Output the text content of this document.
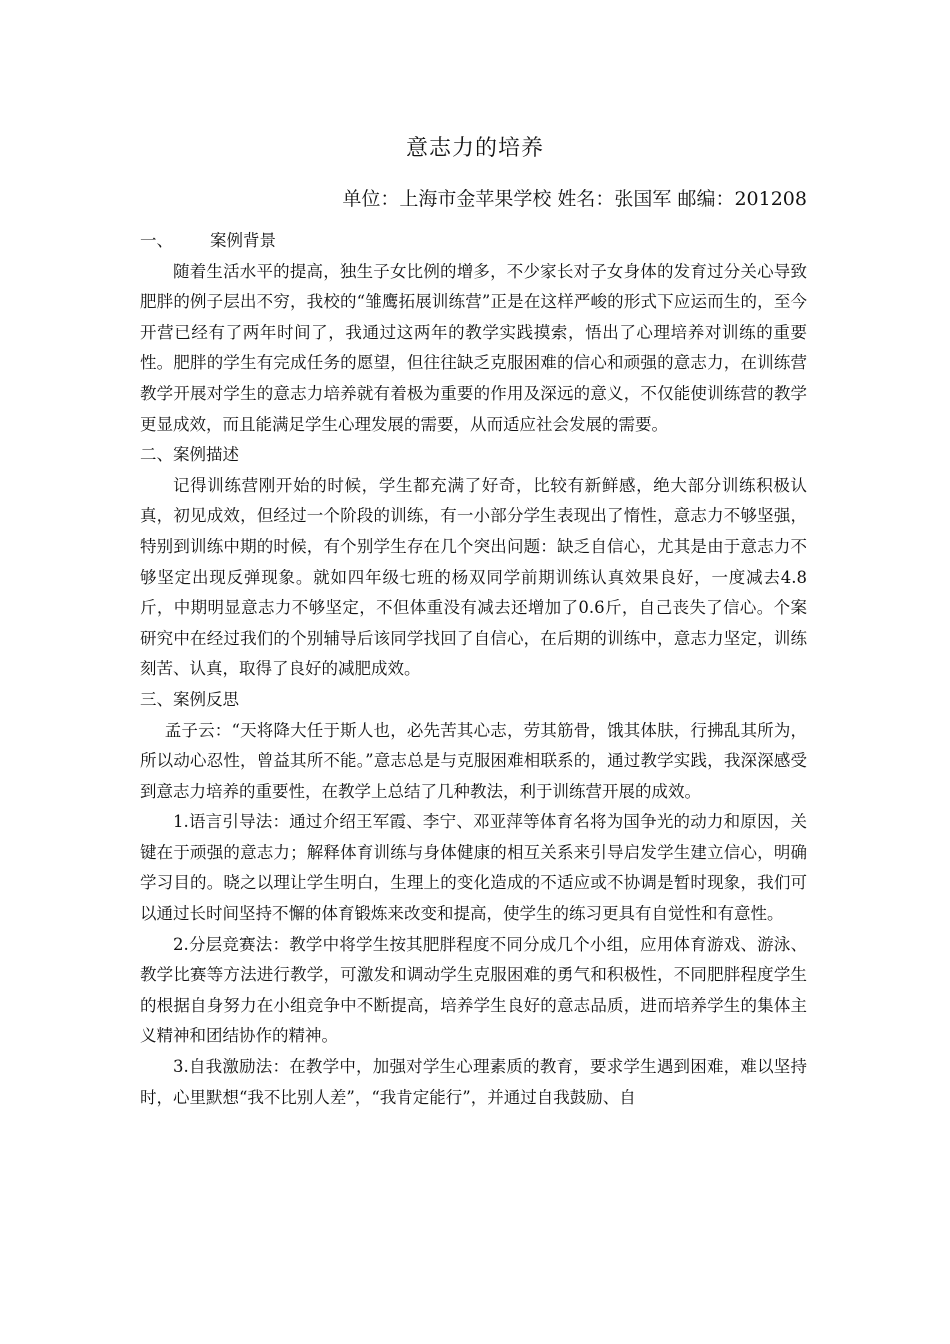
意志力的培养
单位：上海市金苹果学校 姓名：张国军 邮编：201208

一、 案例背景

随着生活水平的提高，独生子女比例的增多，不少家长对子女身体的发育过分关心导致肥胖的例子层出不穷，我校的“雏鹰拓展训练营”正是在这样严峻的形式下应运而生的，至今开营已经有了两年时间了，我通过这两年的教学实践摸索，悟出了心理培养对训练的重要性。肥胖的学生有完成任务的愿望，但往往缺乏克服困难的信心和顽强的意志力，在训练营教学开展对学生的意志力培养就有着极为重要的作用及深远的意义，不仅能使训练营的教学更显成效，而且能满足学生心理发展的需要，从而适应社会发展的需要。

二、案例描述

记得训练营刚开始的时候，学生都充满了好奇，比较有新鲜感，绝大部分训练积极认真，初见成效，但经过一个阶段的训练，有一小部分学生表现出了惰性，意志力不够坚强，特别到训练中期的时候，有个别学生存在几个突出问题：缺乏自信心，尤其是由于意志力不够坚定出现反弹现象。就如四年级七班的杨双同学前期训练认真效果良好，一度减去4.8斤，中期明显意志力不够坚定，不但体重没有减去还增加了0.6斤，自己丧失了信心。个案研究中在经过我们的个别辅导后该同学找回了自信心，在后期的训练中，意志力坚定，训练刻苦、认真，取得了良好的减肥成效。

三、案例反思

孟子云：“天将降大任于斯人也，必先苦其心志，劳其筋骨，饿其体肤，行拂乱其所为，所以动心忍性，曾益其所不能。”意志总是与克服困难相联系的，通过教学实践，我深深感受到意志力培养的重要性，在教学上总结了几种教法，利于训练营开展的成效。

1.语言引导法：通过介绍王军霞、李宁、邓亚萍等体育名将为国争光的动力和原因，关键在于顽强的意志力；解释体育训练与身体健康的相互关系来引导启发学生建立信心，明确学习目的。晓之以理让学生明白，生理上的变化造成的不适应或不协调是暂时现象，我们可以通过长时间坚持不懈的体育锻炼来改变和提高，使学生的练习更具有自觉性和有意性。

2.分层竞赛法：教学中将学生按其肥胖程度不同分成几个小组，应用体育游戏、游泳、教学比赛等方法进行教学，可激发和调动学生克服困难的勇气和积极性，不同肥胖程度学生的根据自身努力在小组竞争中不断提高，培养学生良好的意志品质，进而培养学生的集体主义精神和团结协作的精神。

3.自我激励法：在教学中，加强对学生心理素质的教育，要求学生遇到困难，难以坚持时，心里默想“我不比别人差”，“我肯定能行”，并通过自我鼓励、自
